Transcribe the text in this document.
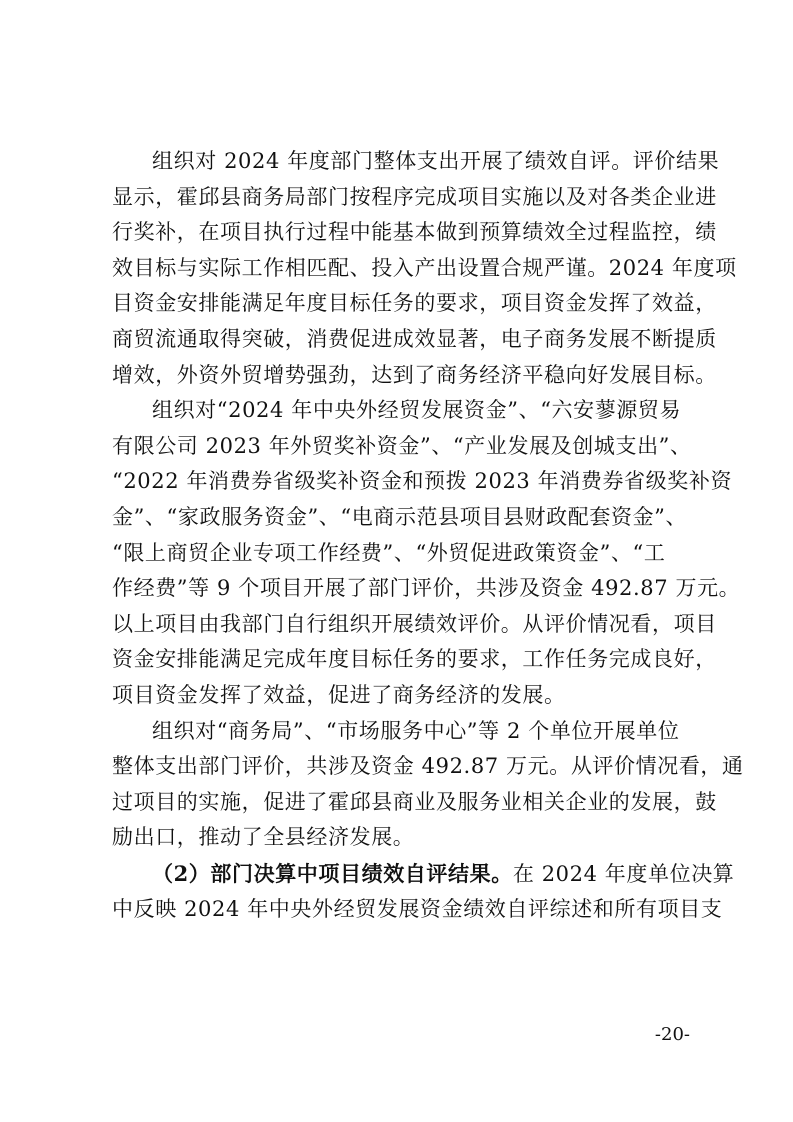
组织对 2024 年度部门整体支出开展了绩效自评。评价结果
显示，霍邱县商务局部门按程序完成项目实施以及对各类企业进
行奖补，在项目执行过程中能基本做到预算绩效全过程监控，绩
效目标与实际工作相匹配、投入产出设置合规严谨。2024 年度项
目资金安排能满足年度目标任务的要求，项目资金发挥了效益，
商贸流通取得突破，消费促进成效显著，电子商务发展不断提质
增效，外资外贸增势强劲，达到了商务经济平稳向好发展目标。

组织对“2024 年中央外经贸发展资金”、“六安蓼源贸易
有限公司 2023 年外贸奖补资金”、“产业发展及创城支出”、
“2022 年消费券省级奖补资金和预拨 2023 年消费券省级奖补资
金”、“家政服务资金”、“电商示范县项目县财政配套资金”、
“限上商贸企业专项工作经费”、“外贸促进政策资金”、“工
作经费”等 9 个项目开展了部门评价，共涉及资金 492.87 万元。
以上项目由我部门自行组织开展绩效评价。从评价情况看，项目
资金安排能满足完成年度目标任务的要求，工作任务完成良好，
项目资金发挥了效益，促进了商务经济的发展。

组织对“商务局”、“市场服务中心”等 2 个单位开展单位
整体支出部门评价，共涉及资金 492.87 万元。从评价情况看，通
过项目的实施，促进了霍邱县商业及服务业相关企业的发展，鼓
励出口，推动了全县经济发展。

（2）部门决算中项目绩效自评结果。在 2024 年度单位决算
中反映 2024 年中央外经贸发展资金绩效自评综述和所有项目支

-20-
